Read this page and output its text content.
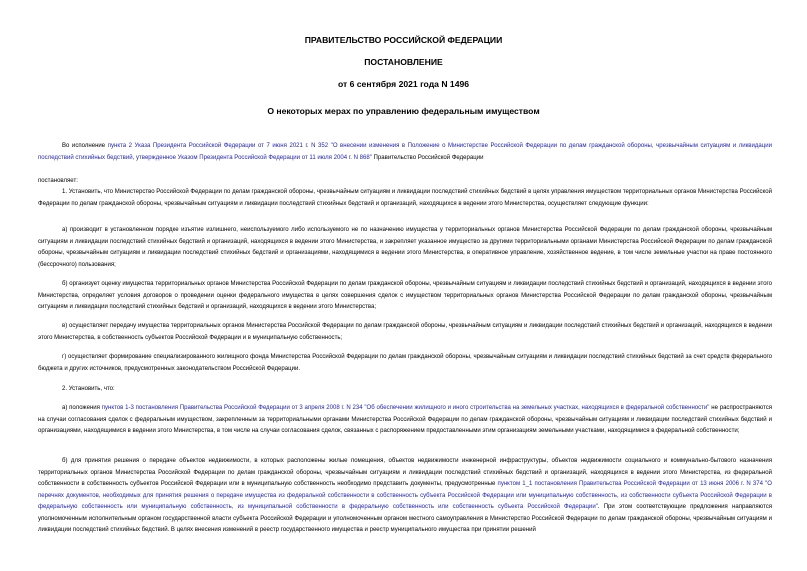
ПРАВИТЕЛЬСТВО РОССИЙСКОЙ ФЕДЕРАЦИИ
ПОСТАНОВЛЕНИЕ
от 6 сентября 2021 года N 1496
О некоторых мерах по управлению федеральным имуществом

Во исполнение пункта 2 Указа Президента Российской Федерации от 7 июня 2021 г. N 352 "О внесении изменения в Положение о Министерстве Российской Федерации по делам гражданской обороны, чрезвычайным ситуациям и ликвидации последствий стихийных бедствий, утвержденное Указом Президента Российской Федерации от 11 июля 2004 г. N 868" Правительство Российской Федерации

постановляет:

1. Установить, что Министерство Российской Федерации по делам гражданской обороны, чрезвычайным ситуациям и ликвидации последствий стихийных бедствий в целях управления имуществом территориальных органов Министерства Российской Федерации по делам гражданской обороны, чрезвычайным ситуациям и ликвидации последствий стихийных бедствий и организаций, находящихся в ведении этого Министерства, осуществляет следующие функции:

а) производит в установленном порядке изъятие излишнего, неиспользуемого либо используемого не по назначению имущества у территориальных органов Министерства Российской Федерации по делам гражданской обороны, чрезвычайным ситуациям и ликвидации последствий стихийных бедствий и организаций, находящихся в ведении этого Министерства, и закрепляет указанное имущество за другими территориальными органами Министерства Российской Федерации по делам гражданской обороны, чрезвычайным ситуациям и ликвидации последствий стихийных бедствий и организациями, находящимися в ведении этого Министерства, в оперативное управление, хозяйственное ведение, в том числе земельные участки на праве постоянного (бессрочного) пользования;

б) организует оценку имущества территориальных органов Министерства Российской Федерации по делам гражданской обороны, чрезвычайным ситуациям и ликвидации последствий стихийных бедствий и организаций, находящихся в ведении этого Министерства, определяет условия договоров о проведении оценки федерального имущества в целях совершения сделок с имуществом территориальных органов Министерства Российской Федерации по делам гражданской обороны, чрезвычайным ситуациям и ликвидации последствий стихийных бедствий и организаций, находящихся в ведении этого Министерства;

в) осуществляет передачу имущества территориальных органов Министерства Российской Федерации по делам гражданской обороны, чрезвычайным ситуациям и ликвидации последствий стихийных бедствий и организаций, находящихся в ведении этого Министерства, в собственность субъектов Российской Федерации и в муниципальную собственность;

г) осуществляет формирование специализированного жилищного фонда Министерства Российской Федерации по делам гражданской обороны, чрезвычайным ситуациям и ликвидации последствий стихийных бедствий за счет средств федерального бюджета и других источников, предусмотренных законодательством Российской Федерации.

2. Установить, что:

а) положения пунктов 1-3 постановления Правительства Российской Федерации от 3 апреля 2008 г. N 234 "Об обеспечении жилищного и иного строительства на земельных участках, находящихся в федеральной собственности" не распространяются на случаи согласования сделок с федеральным имуществом, закрепленным за территориальными органами Министерства Российской Федерации по делам гражданской обороны, чрезвычайным ситуациям и ликвидации последствий стихийных бедствий и организациями, находящимися в ведении этого Министерства, в том числе на случаи согласования сделок, связанных с распоряжением предоставленными этим организациям земельными участками, находящимися в федеральной собственности;

б) для принятия решения о передаче объектов недвижимости, в которых расположены жилые помещения, объектов недвижимости инженерной инфраструктуры, объектов недвижимости социального и коммунально-бытового назначения территориальных органов Министерства Российской Федерации по делам гражданской обороны, чрезвычайным ситуациям и ликвидации последствий стихийных бедствий и организаций, находящихся в ведении этого Министерства, из федеральной собственности в собственность субъектов Российской Федерации или в муниципальную собственность необходимо представить документы, предусмотренные пунктом 1_1 постановления Правительства Российской Федерации от 13 июня 2006 г. N 374 "О перечнях документов, необходимых для принятия решения о передаче имущества из федеральной собственности в собственность субъекта Российской Федерации или муниципальную собственность, из собственности субъекта Российской Федерации в федеральную собственность или муниципальную собственность, из муниципальной собственности в федеральную собственность или собственность субъекта Российской Федерации". При этом соответствующие предложения направляются уполномоченным исполнительным органом государственной власти субъекта Российской Федерации и уполномоченным органом местного самоуправления в Министерство Российской Федерации по делам гражданской обороны, чрезвычайным ситуациям и ликвидации последствий стихийных бедствий. В целях внесения изменений в реестр государственного имущества и реестр муниципального имущества при принятии решений
